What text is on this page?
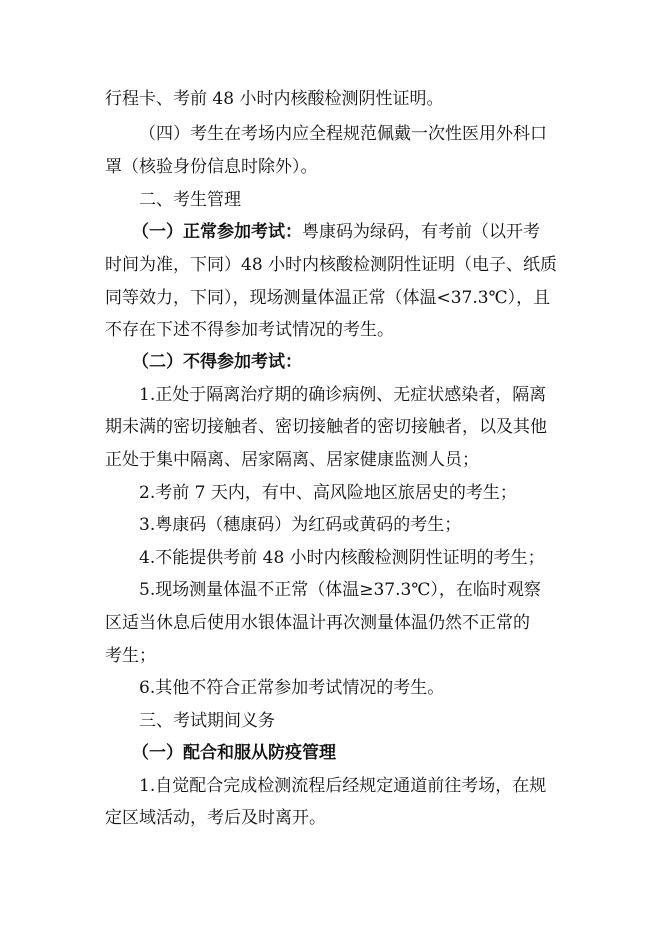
行程卡、考前 48 小时内核酸检测阴性证明。
（四）考生在考场内应全程规范佩戴一次性医用外科口
罩（核验身份信息时除外）。
二、考生管理
（一）正常参加考试：粤康码为绿码，有考前（以开考
时间为准，下同）48 小时内核酸检测阴性证明（电子、纸质
同等效力，下同），现场测量体温正常（体温<37.3℃），且
不存在下述不得参加考试情况的考生。
（二）不得参加考试：
1.正处于隔离治疗期的确诊病例、无症状感染者，隔离
期未满的密切接触者、密切接触者的密切接触者，以及其他
正处于集中隔离、居家隔离、居家健康监测人员；
2.考前 7 天内，有中、高风险地区旅居史的考生；
3.粤康码（穗康码）为红码或黄码的考生；
4.不能提供考前 48 小时内核酸检测阴性证明的考生；
5.现场测量体温不正常（体温≥37.3℃），在临时观察
区适当休息后使用水银体温计再次测量体温仍然不正常的
考生；
6.其他不符合正常参加考试情况的考生。
三、考试期间义务
（一）配合和服从防疫管理
1.自觉配合完成检测流程后经规定通道前往考场，在规
定区域活动，考后及时离开。
